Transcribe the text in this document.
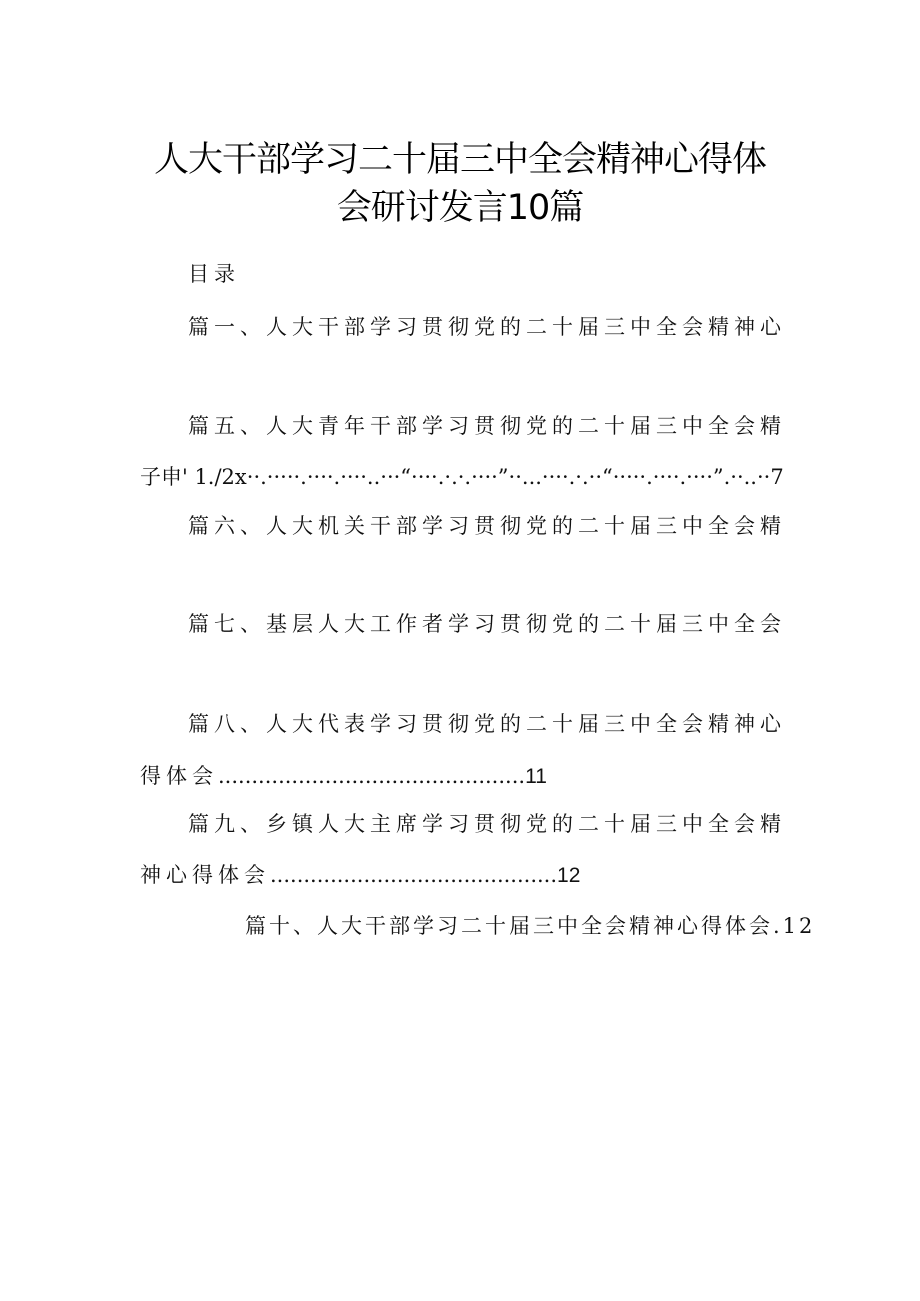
人大干部学习二十届三中全会精神心得体
会研讨发言10篇
目录
篇一、人大干部学习贯彻党的二十届三中全会精神心
篇五、人大青年干部学习贯彻党的二十届三中全会精
子申' 1./2x··.·····.····.····..···“····.·.·.····”··...····.·.··“·····.····.····”.··..··7
篇六、人大机关干部学习贯彻党的二十届三中全会精
篇七、基层人大工作者学习贯彻党的二十届三中全会
篇八、人大代表学习贯彻党的二十届三中全会精神心
得体会..............................................11
篇九、乡镇人大主席学习贯彻党的二十届三中全会精
神心得体会...........................................12
篇十、人大干部学习二十届三中全会精神心得体会.12
